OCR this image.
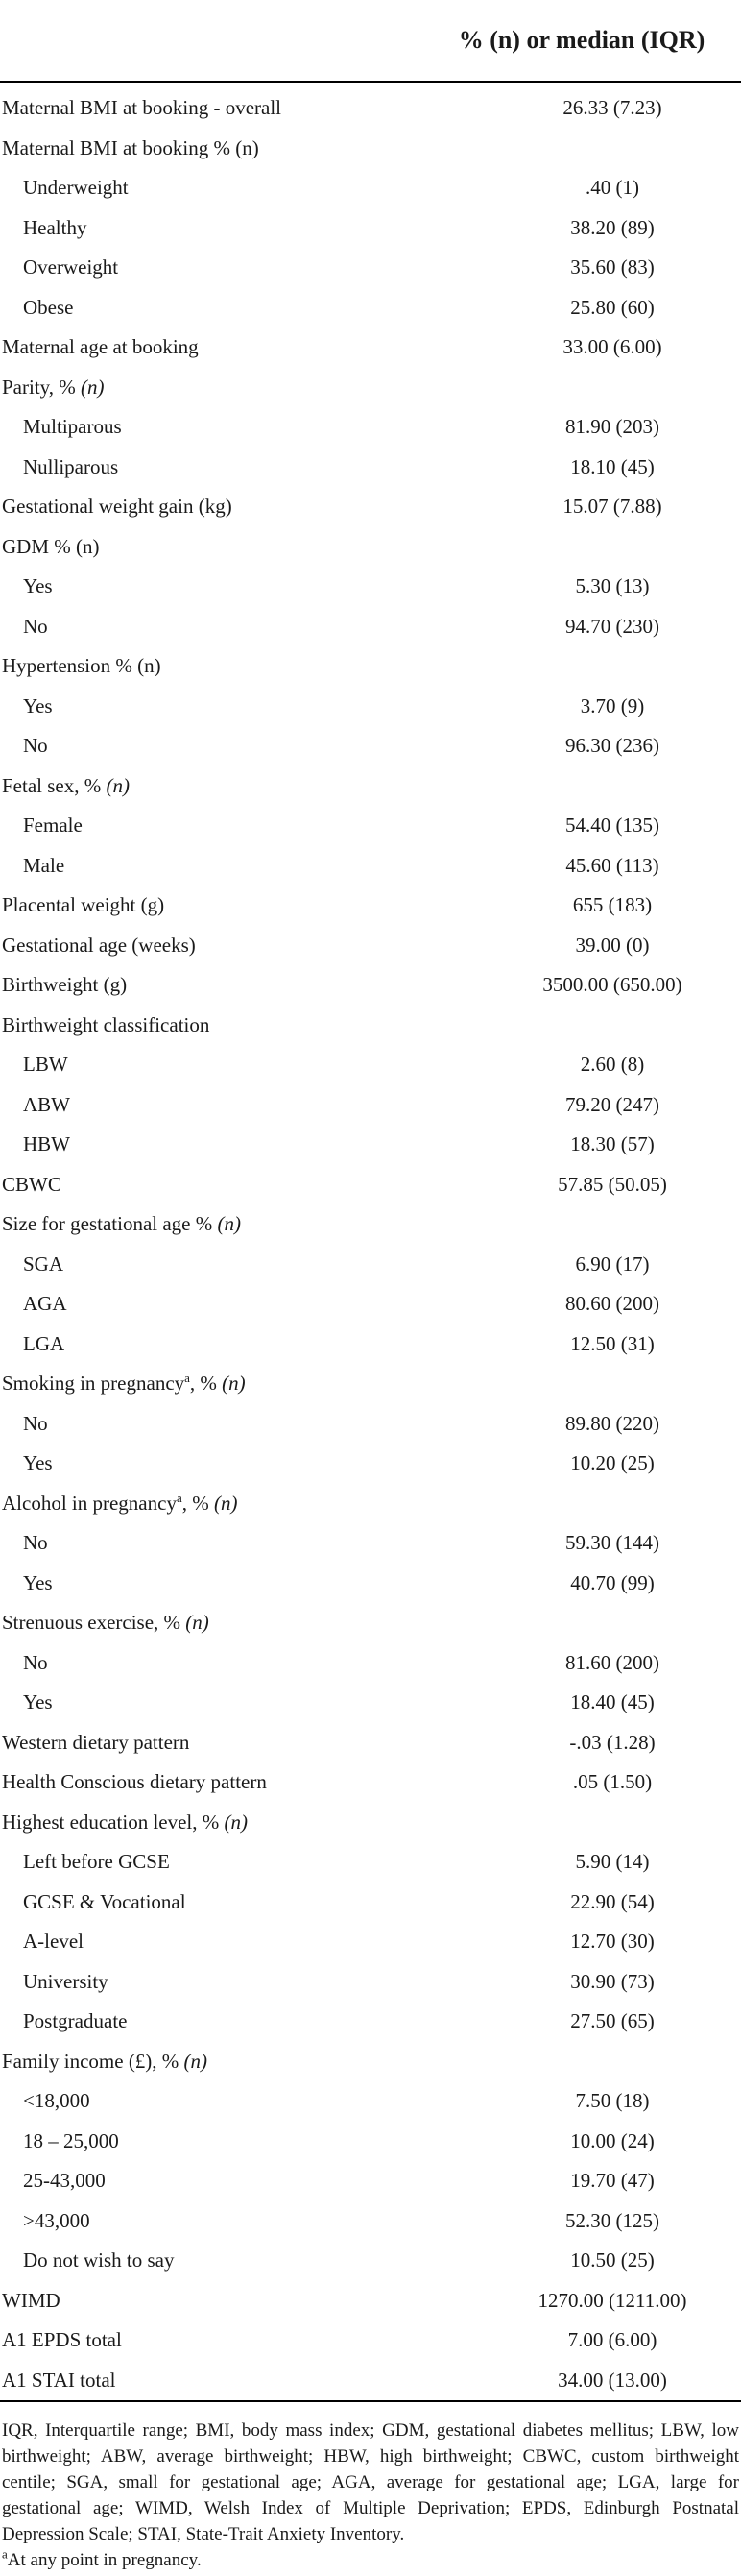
	% (n) or median (IQR)
Maternal BMI at booking - overall	26.33 (7.23)
Maternal BMI at booking % (n)	
Underweight	.40 (1)
Healthy	38.20 (89)
Overweight	35.60 (83)
Obese	25.80 (60)
Maternal age at booking	33.00 (6.00)
Parity, % (n)	
Multiparous	81.90 (203)
Nulliparous	18.10 (45)
Gestational weight gain (kg)	15.07 (7.88)
GDM % (n)	
Yes	5.30 (13)
No	94.70 (230)
Hypertension % (n)	
Yes	3.70 (9)
No	96.30 (236)
Fetal sex, % (n)	
Female	54.40 (135)
Male	45.60 (113)
Placental weight (g)	655 (183)
Gestational age (weeks)	39.00 (0)
Birthweight (g)	3500.00 (650.00)
Birthweight classification	
LBW	2.60 (8)
ABW	79.20 (247)
HBW	18.30 (57)
CBWC	57.85 (50.05)
Size for gestational age % (n)	
SGA	6.90 (17)
AGA	80.60 (200)
LGA	12.50 (31)
Smoking in pregnancy$^a$, % (n)	
No	89.80 (220)
Yes	10.20 (25)
Alcohol in pregnancy$^a$, % (n)	
No	59.30 (144)
Yes	40.70 (99)
Strenuous exercise, % (n)	
No	81.60 (200)
Yes	18.40 (45)
Western dietary pattern	-.03 (1.28)
Health Conscious dietary pattern	.05 (1.50)
Highest education level, % (n)	
Left before GCSE	5.90 (14)
GCSE & Vocational	22.90 (54)
A-level	12.70 (30)
University	30.90 (73)
Postgraduate	27.50 (65)
Family income (£), % (n)	
<18,000	7.50 (18)
18 – 25,000	10.00 (24)
25-43,000	19.70 (47)
>43,000	52.30 (125)
Do not wish to say	10.50 (25)
WIMD	1270.00 (1211.00)
A1 EPDS total	7.00 (6.00)
A1 STAI total	34.00 (13.00)

IQR, Interquartile range; BMI, body mass index; GDM, gestational diabetes mellitus; LBW, low birthweight; ABW, average birthweight; HBW, high birthweight; CBWC, custom birthweight centile; SGA, small for gestational age; AGA, average for gestational age; LGA, large for gestational age; WIMD, Welsh Index of Multiple Deprivation; EPDS, Edinburgh Postnatal Depression Scale; STAI, State-Trait Anxiety Inventory.

$^a$At any point in pregnancy.
